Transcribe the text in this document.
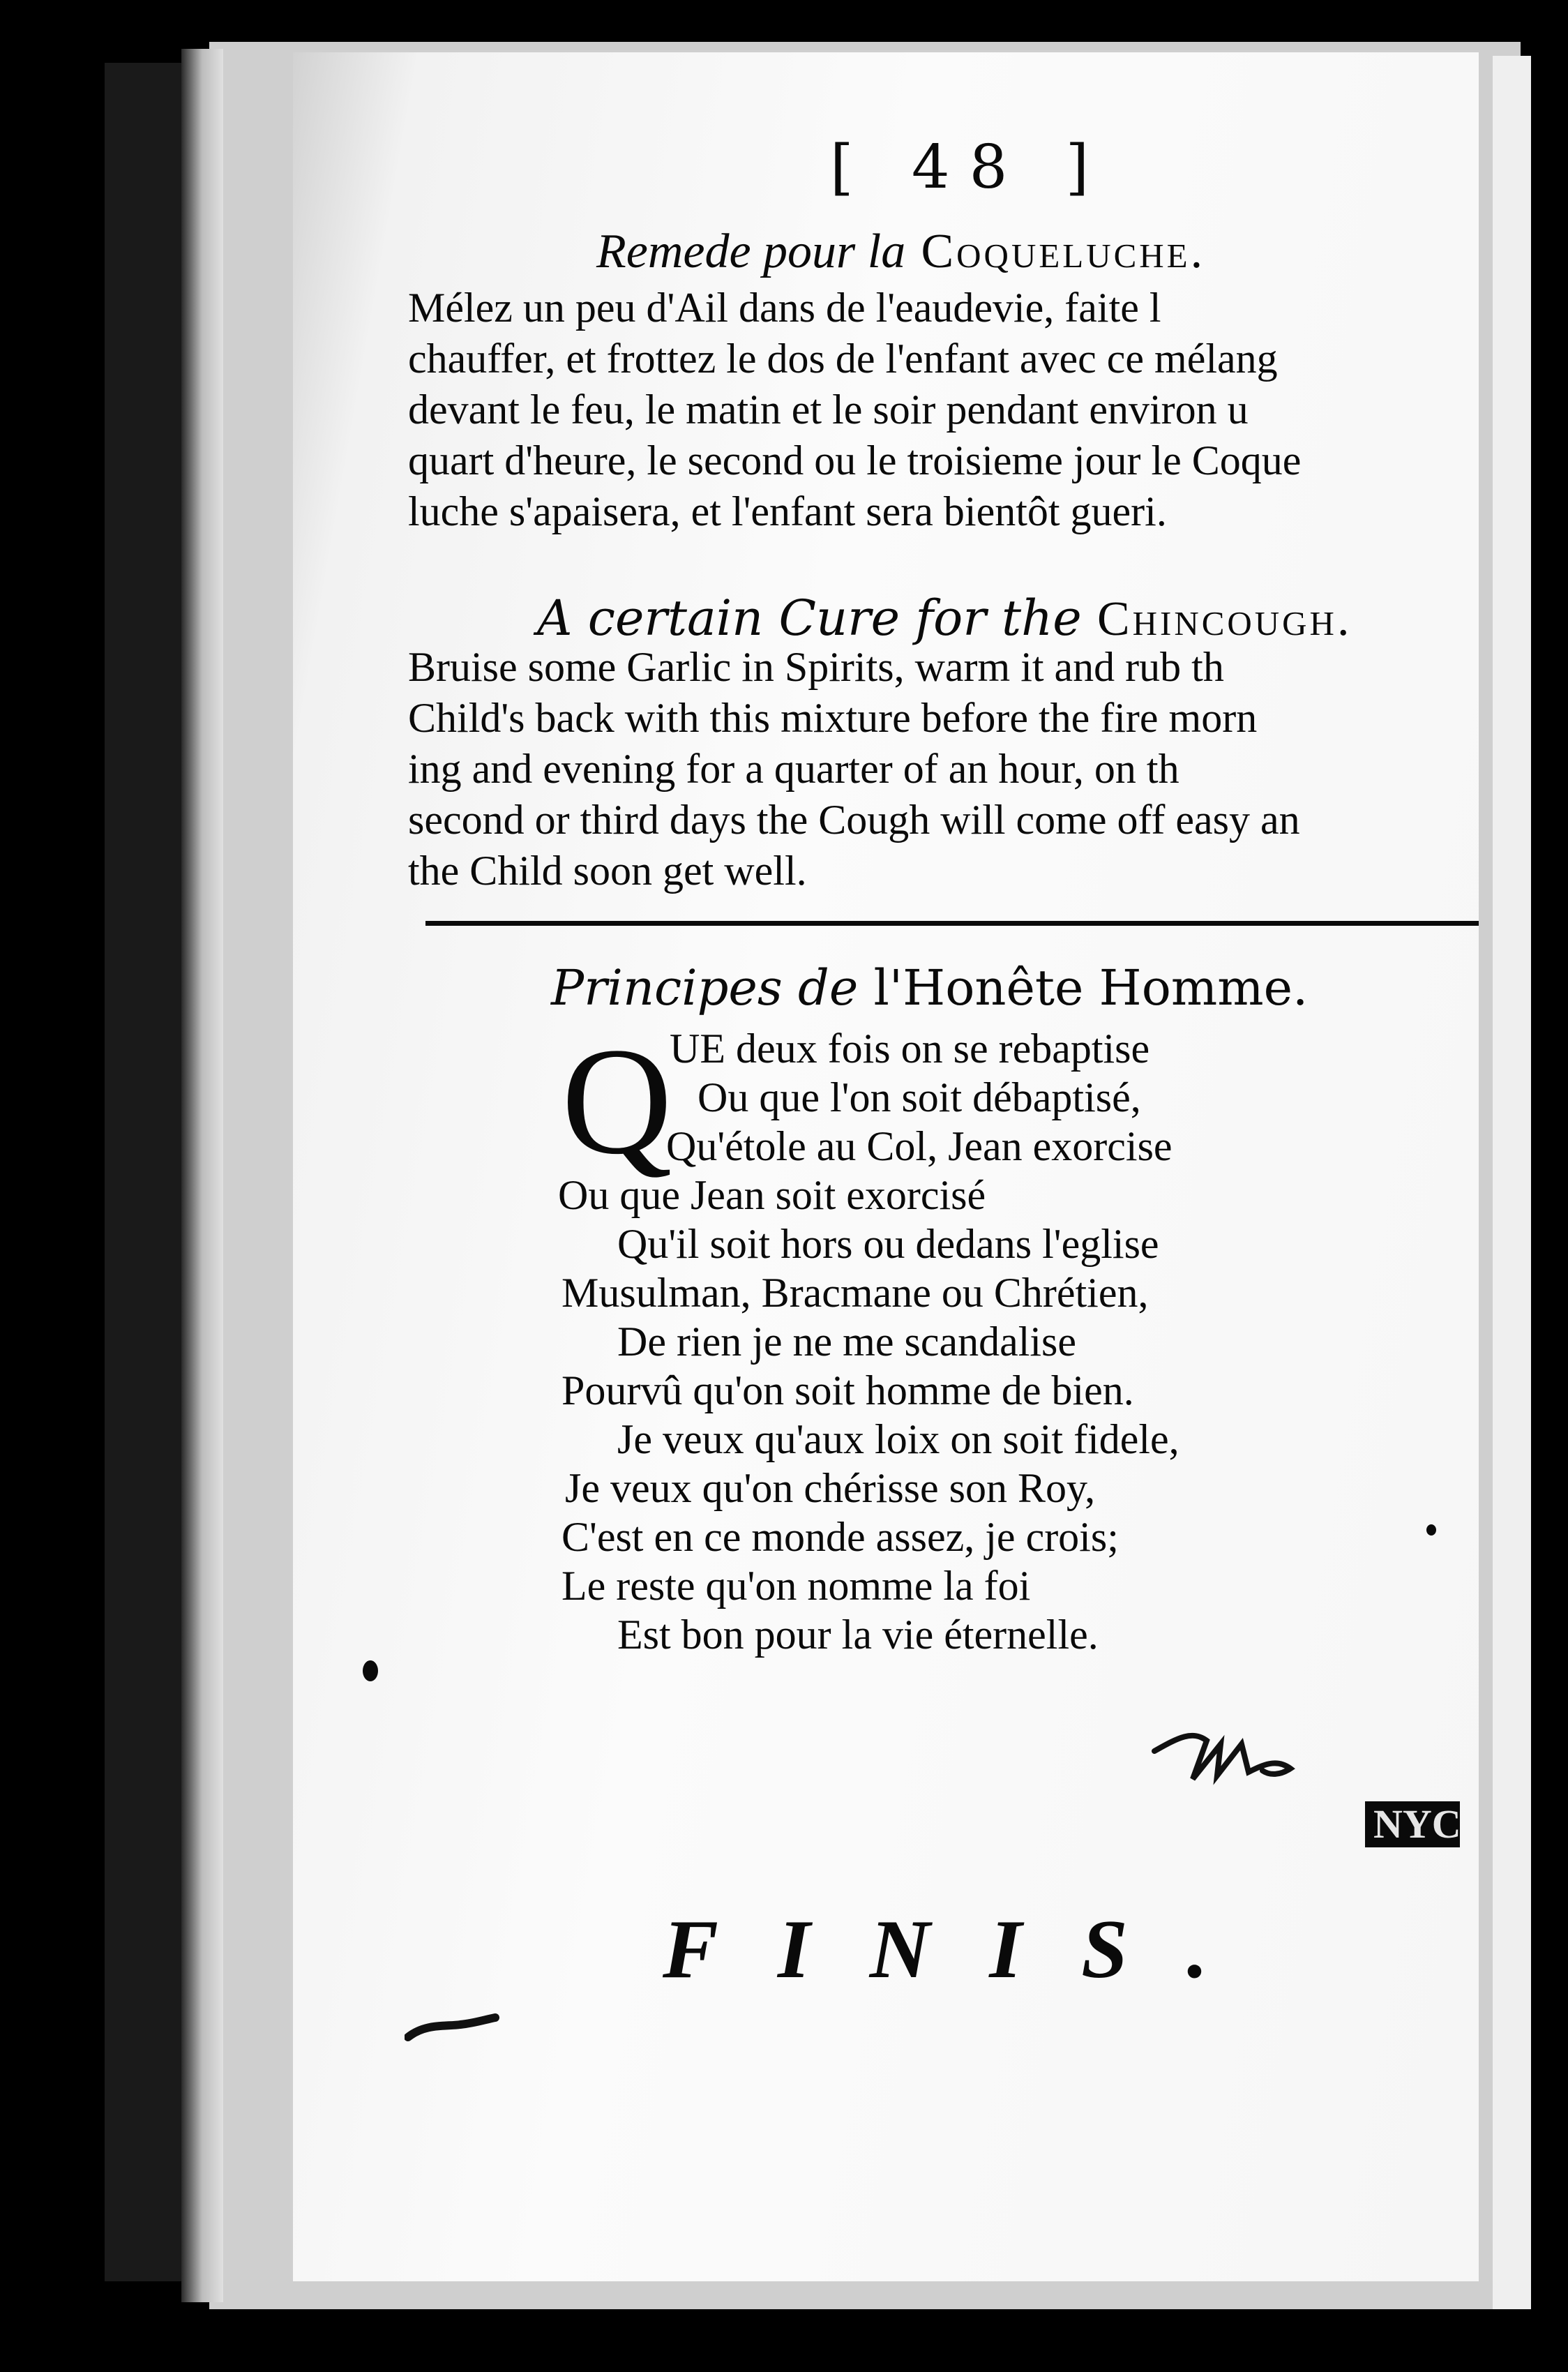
[ 48 ]
Remede pour la Coqueluche.
Mélez un peu d'Ail dans de l'eaudevie, faite l
chauffer, et frottez le dos de l'enfant avec ce mélang
devant le feu, le matin et le soir pendant environ u
quart d'heure, le second ou le troisieme jour le Coque
luche s'apaisera, et l'enfant sera bientôt gueri.
A certain Cure for the Chincough.
Bruise some Garlic in Spirits, warm it and rub th
Child's back with this mixture before the fire morn
ing and evening for a quarter of an hour, on th
second or third days the Cough will come off easy an
the Child soon get well.
Principes de l'Honête Homme.
Q
UE deux fois on se rebaptise
Ou que l'on soit débaptisé,
Qu'étole au Col, Jean exorcise
Ou que Jean soit exorcisé
Qu'il soit hors ou dedans l'eglise
Musulman, Bracmane ou Chrétien,
De rien je ne me scandalise
Pourvû qu'on soit homme de bien.
Je veux qu'aux loix on soit fidele,
Je veux qu'on chérisse son Roy,
C'est en ce monde assez, je crois;
Le reste qu'on nomme la foi
Est bon pour la vie éternelle.
NYC
FINIS.
